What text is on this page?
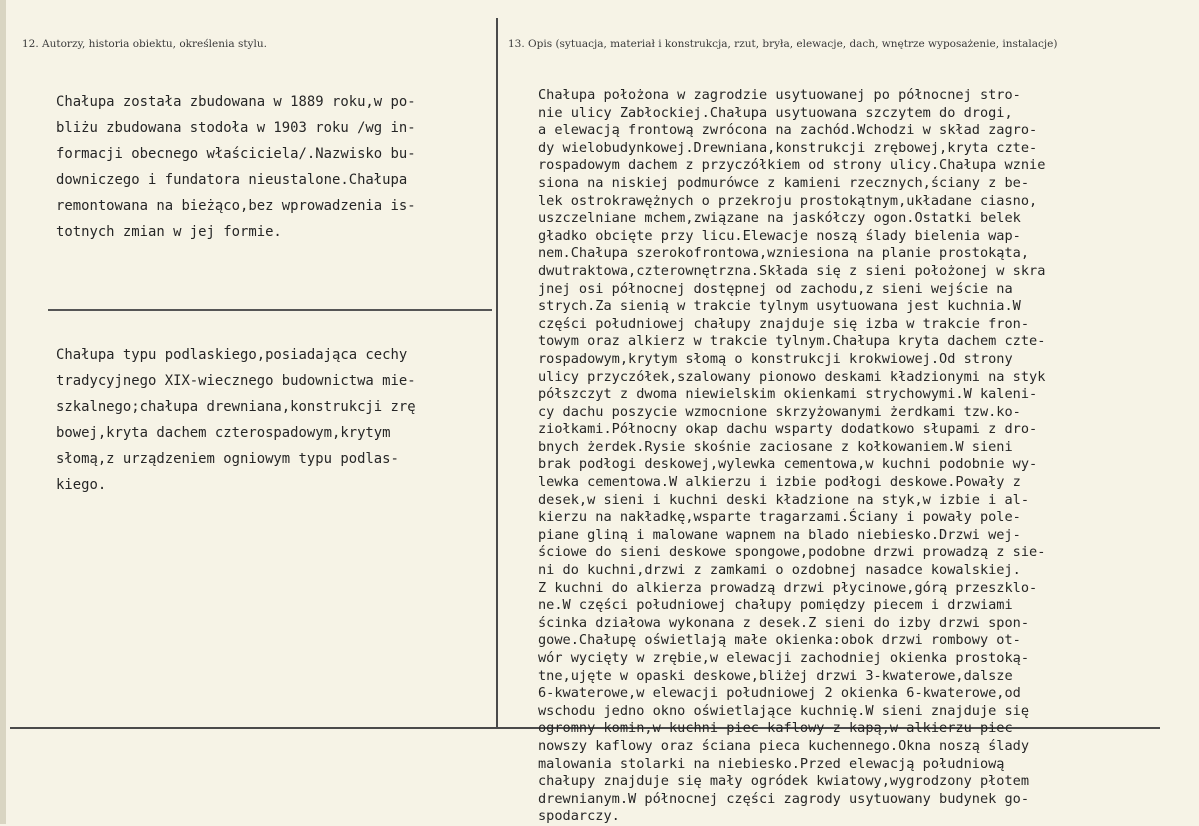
12. Autorzy, historia obiektu, określenia stylu.	13. Opis (sytuacja, materiał i konstrukcja, rzut, bryła, elewacje, dach, wnętrze wyposażenie, instalacje)
Chałupa została zbudowana w 1889 roku,w po-
bliżu zbudowana stodoła w 1903 roku /wg in-
formacji obecnego właściciela/.Nazwisko bu-
downiczego i fundatora nieustalone.Chałupa
remontowana na bieżąco,bez wprowadzenia is-
totnych zmian w jej formie.
Chałupa typu podlaskiego,posiadająca cechy
tradycyjnego XIX-wiecznego budownictwa mie-
szkalnego;chałupa drewniana,konstrukcji zrę
bowej,kryta dachem czterospadowym,krytym
słomą,z urządzeniem ogniowym typu podlas-
kiego.
Chałupa położona w zagrodzie usytuowanej po północnej stro-
nie ulicy Zabłockiej.Chałupa usytuowana szczytem do drogi,
a elewacją frontową zwrócona na zachód.Wchodzi w skład zagro-
dy wielobudynkowej.Drewniana,konstrukcji zrębowej,kryta czte-
rospadowym dachem z przyczółkiem od strony ulicy.Chałupa wznie
siona na niskiej podmurówce z kamieni rzecznych,ściany z be-
lek ostrokrawężnych o przekroju prostokątnym,układane ciasno,
uszczelniane mchem,związane na jaskółczy ogon.Ostatki belek
gładko obcięte przy licu.Elewacje noszą ślady bielenia wap-
nem.Chałupa szerokofrontowa,wzniesiona na planie prostokąta,
dwutraktowa,czterownętrzna.Składa się z sieni położonej w skra
jnej osi północnej dostępnej od zachodu,z sieni wejście na
strych.Za sienią w trakcie tylnym usytuowana jest kuchnia.W
części południowej chałupy znajduje się izba w trakcie fron-
towym oraz alkierz w trakcie tylnym.Chałupa kryta dachem czte-
rospadowym,krytym słomą o konstrukcji krokwiowej.Od strony
ulicy przyczółek,szalowany pionowo deskami kładzionymi na styk
półszczyt z dwoma niewielskim okienkami strychowymi.W kaleni-
cy dachu poszycie wzmocnione skrzyżowanymi żerdkami tzw.ko-
ziołkami.Północny okap dachu wsparty dodatkowo słupami z dro-
bnych żerdek.Rysie skośnie zaciosane z kołkowaniem.W sieni
brak podłogi deskowej,wylewka cementowa,w kuchni podobnie wy-
lewka cementowa.W alkierzu i izbie podłogi deskowe.Powały z
desek,w sieni i kuchni deski kładzione na styk,w izbie i al-
kierzu na nakładkę,wsparte tragarzami.Ściany i powały pole-
piane gliną i malowane wapnem na blado niebiesko.Drzwi wej-
ściowe do sieni deskowe spongowe,podobne drzwi prowadzą z sie-
ni do kuchni,drzwi z zamkami o ozdobnej nasadce kowalskiej.
Z kuchni do alkierza prowadzą drzwi płycinowe,górą przeszklo-
ne.W części południowej chałupy pomiędzy piecem i drzwiami
ścinka działowa wykonana z desek.Z sieni do izby drzwi spon-
gowe.Chałupę oświetlają małe okienka:obok drzwi rombowy ot-
wór wycięty w zrębie,w elewacji zachodniej okienka prostoką-
tne,ujęte w opaski deskowe,bliżej drzwi 3-kwaterowe,dalsze
6-kwaterowe,w elewacji południowej 2 okienka 6-kwaterowe,od
wschodu jedno okno oświetlające kuchnię.W sieni znajduje się
ogromny komin,w kuchni piec kaflowy z kapą,w alkierzu piec
nowszy kaflowy oraz ściana pieca kuchennego.Okna noszą ślady
malowania stolarki na niebiesko.Przed elewacją południową
chałupy znajduje się mały ogródek kwiatowy,wygrodzony płotem
drewnianym.W północnej części zagrody usytuowany budynek go-
spodarczy.
